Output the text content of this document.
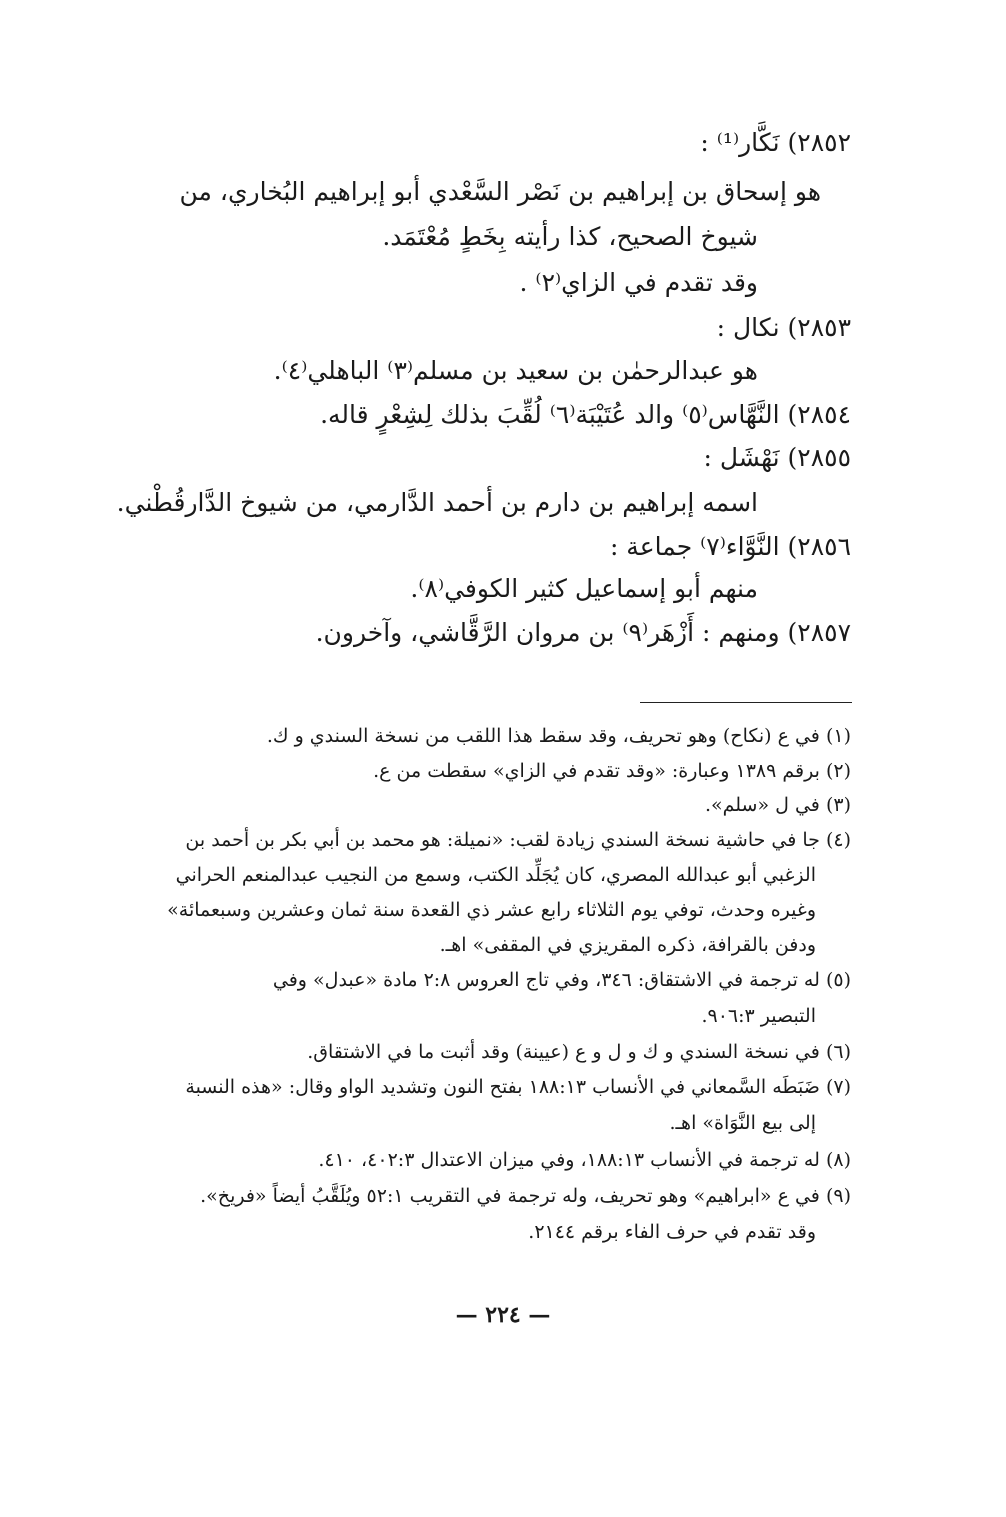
٢٨٥٢) نَكَّار⁽¹⁾ :
هو إسحاق بن إبراهيم بن نَصْر السَّعْدي أبو إبراهيم البُخاري، من
شيوخ الصحيح، كذا رأيته بِخَطٍ مُعْتَمَد.
وقد تقدم في الزاي⁽٢⁾ .
٢٨٥٣) نكال :
هو عبدالرحمٰن بن سعيد بن مسلم⁽٣⁾ الباهلي⁽٤⁾.
٢٨٥٤) النَّهَّاس⁽٥⁾ والد عُتَيْبَة⁽٦⁾ لُقِّبَ بذلك لِشِعْرٍ قاله.
٢٨٥٥) نَهْشَل :
اسمه إبراهيم بن دارم بن أحمد الدَّارمي، من شيوخ الدَّارقُطْني.
٢٨٥٦) النَّوَّاء⁽٧⁾ جماعة :
منهم أبو إسماعيل كثير الكوفي⁽٨⁾.
٢٨٥٧) ومنهم : أَزْهَر⁽٩⁾ بن مروان الرَّقَّاشي، وآخرون.
(١) في ع (نكاح) وهو تحريف، وقد سقط هذا اللقب من نسخة السندي و ك.
(٢) برقم ١٣٨٩ وعبارة: «وقد تقدم في الزاي» سقطت من ع.
(٣) في ل «سلم».
(٤) جا في حاشية نسخة السندي زيادة لقب: «نميلة: هو محمد بن أبي بكر بن أحمد بن
الزغبي أبو عبدالله المصري، كان يُجَلِّد الكتب، وسمع من النجيب عبدالمنعم الحراني
وغيره وحدث، توفي يوم الثلاثاء رابع عشر ذي القعدة سنة ثمان وعشرين وسبعمائة»
ودفن بالقرافة، ذكره المقريزي في المقفى» اهـ.
(٥) له ترجمة في الاشتقاق: ٣٤٦، وفي تاج العروس ٢:٨ مادة «عبدل» وفي
التبصير ٩٠٦:٣.
(٦) في نسخة السندي و ك و ل و ع (عيينة) وقد أثبت ما في الاشتقاق.
(٧) ضَبَطَه السَّمعاني في الأنساب ١٨٨:١٣ بفتح النون وتشديد الواو وقال: «هذه النسبة
إلى بيع النَّوَاة» اهـ.
(٨) له ترجمة في الأنساب ١٨٨:١٣، وفي ميزان الاعتدال ٤٠٢:٣، ٤١٠.
(٩) في ع «ابراهيم» وهو تحريف، وله ترجمة في التقريب ٥٢:١ ويُلَقَّبُ أيضاً «فريخ».
وقد تقدم في حرف الفاء برقم ٢١٤٤.
— ٢٢٤ —
